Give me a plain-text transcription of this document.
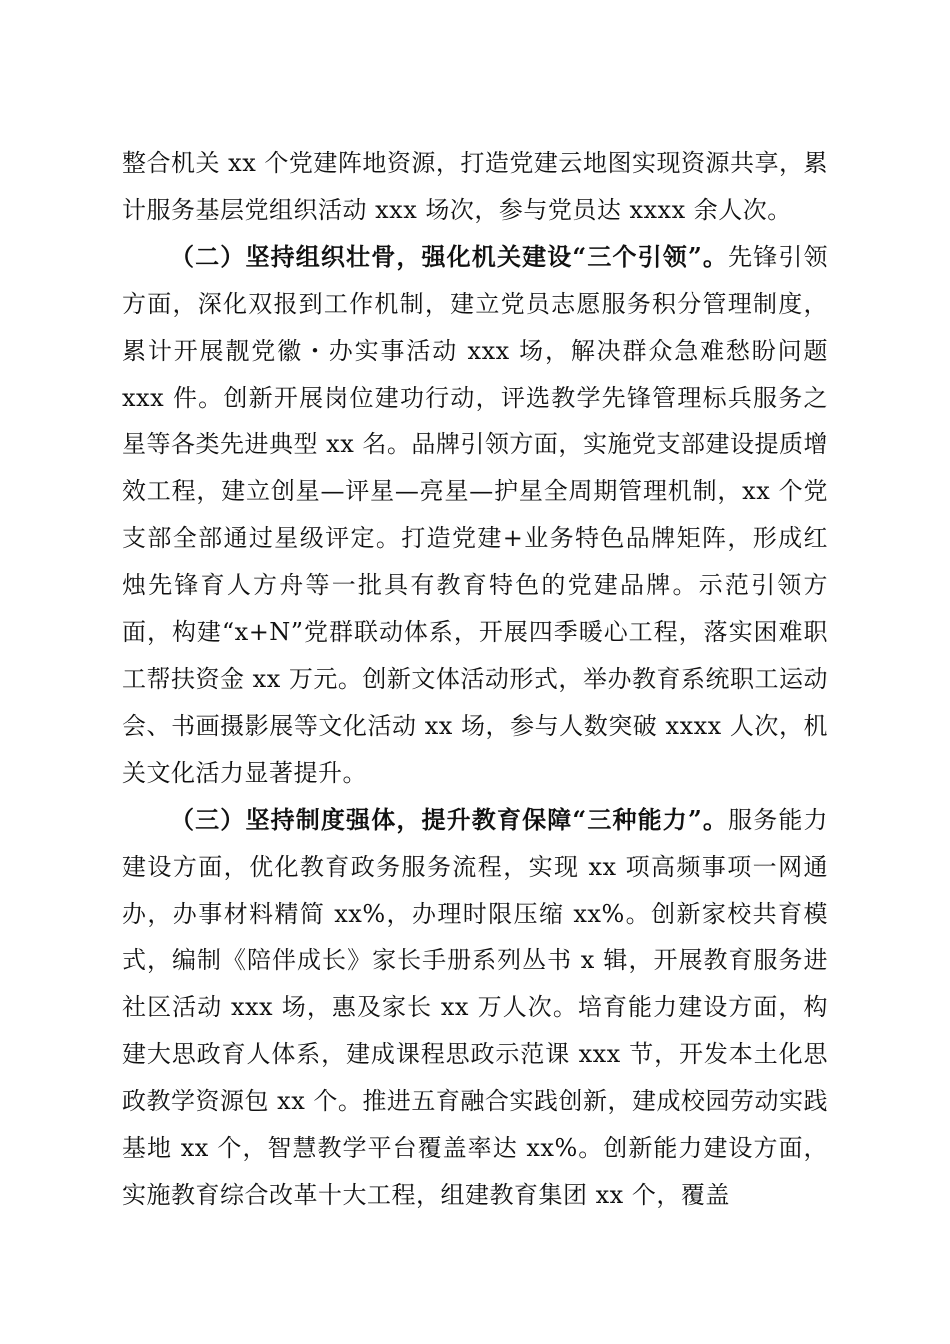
整合机关 xx 个党建阵地资源，打造党建云地图实现资源共享，累计服务基层党组织活动 xxx 场次，参与党员达 xxxx 余人次。

（二）坚持组织壮骨，强化机关建设“三个引领”。先锋引领方面，深化双报到工作机制，建立党员志愿服务积分管理制度，累计开展靓党徽・办实事活动 xxx 场，解决群众急难愁盼问题 xxx 件。创新开展岗位建功行动，评选教学先锋管理标兵服务之星等各类先进典型 xx 名。品牌引领方面，实施党支部建设提质增效工程，建立创星—评星—亮星—护星全周期管理机制，xx 个党支部全部通过星级评定。打造党建+业务特色品牌矩阵，形成红烛先锋育人方舟等一批具有教育特色的党建品牌。示范引领方面，构建“x+N”党群联动体系，开展四季暖心工程，落实困难职工帮扶资金 xx 万元。创新文体活动形式，举办教育系统职工运动会、书画摄影展等文化活动 xx 场，参与人数突破 xxxx 人次，机关文化活力显著提升。

（三）坚持制度强体，提升教育保障“三种能力”。服务能力建设方面，优化教育政务服务流程，实现 xx 项高频事项一网通办，办事材料精简 xx%，办理时限压缩 xx%。创新家校共育模式，编制《陪伴成长》家长手册系列丛书 x 辑，开展教育服务进社区活动 xxx 场，惠及家长 xx 万人次。培育能力建设方面，构建大思政育人体系，建成课程思政示范课 xxx 节，开发本土化思政教学资源包 xx 个。推进五育融合实践创新，建成校园劳动实践基地 xx 个，智慧教学平台覆盖率达 xx%。创新能力建设方面，实施教育综合改革十大工程，组建教育集团 xx 个，覆盖
